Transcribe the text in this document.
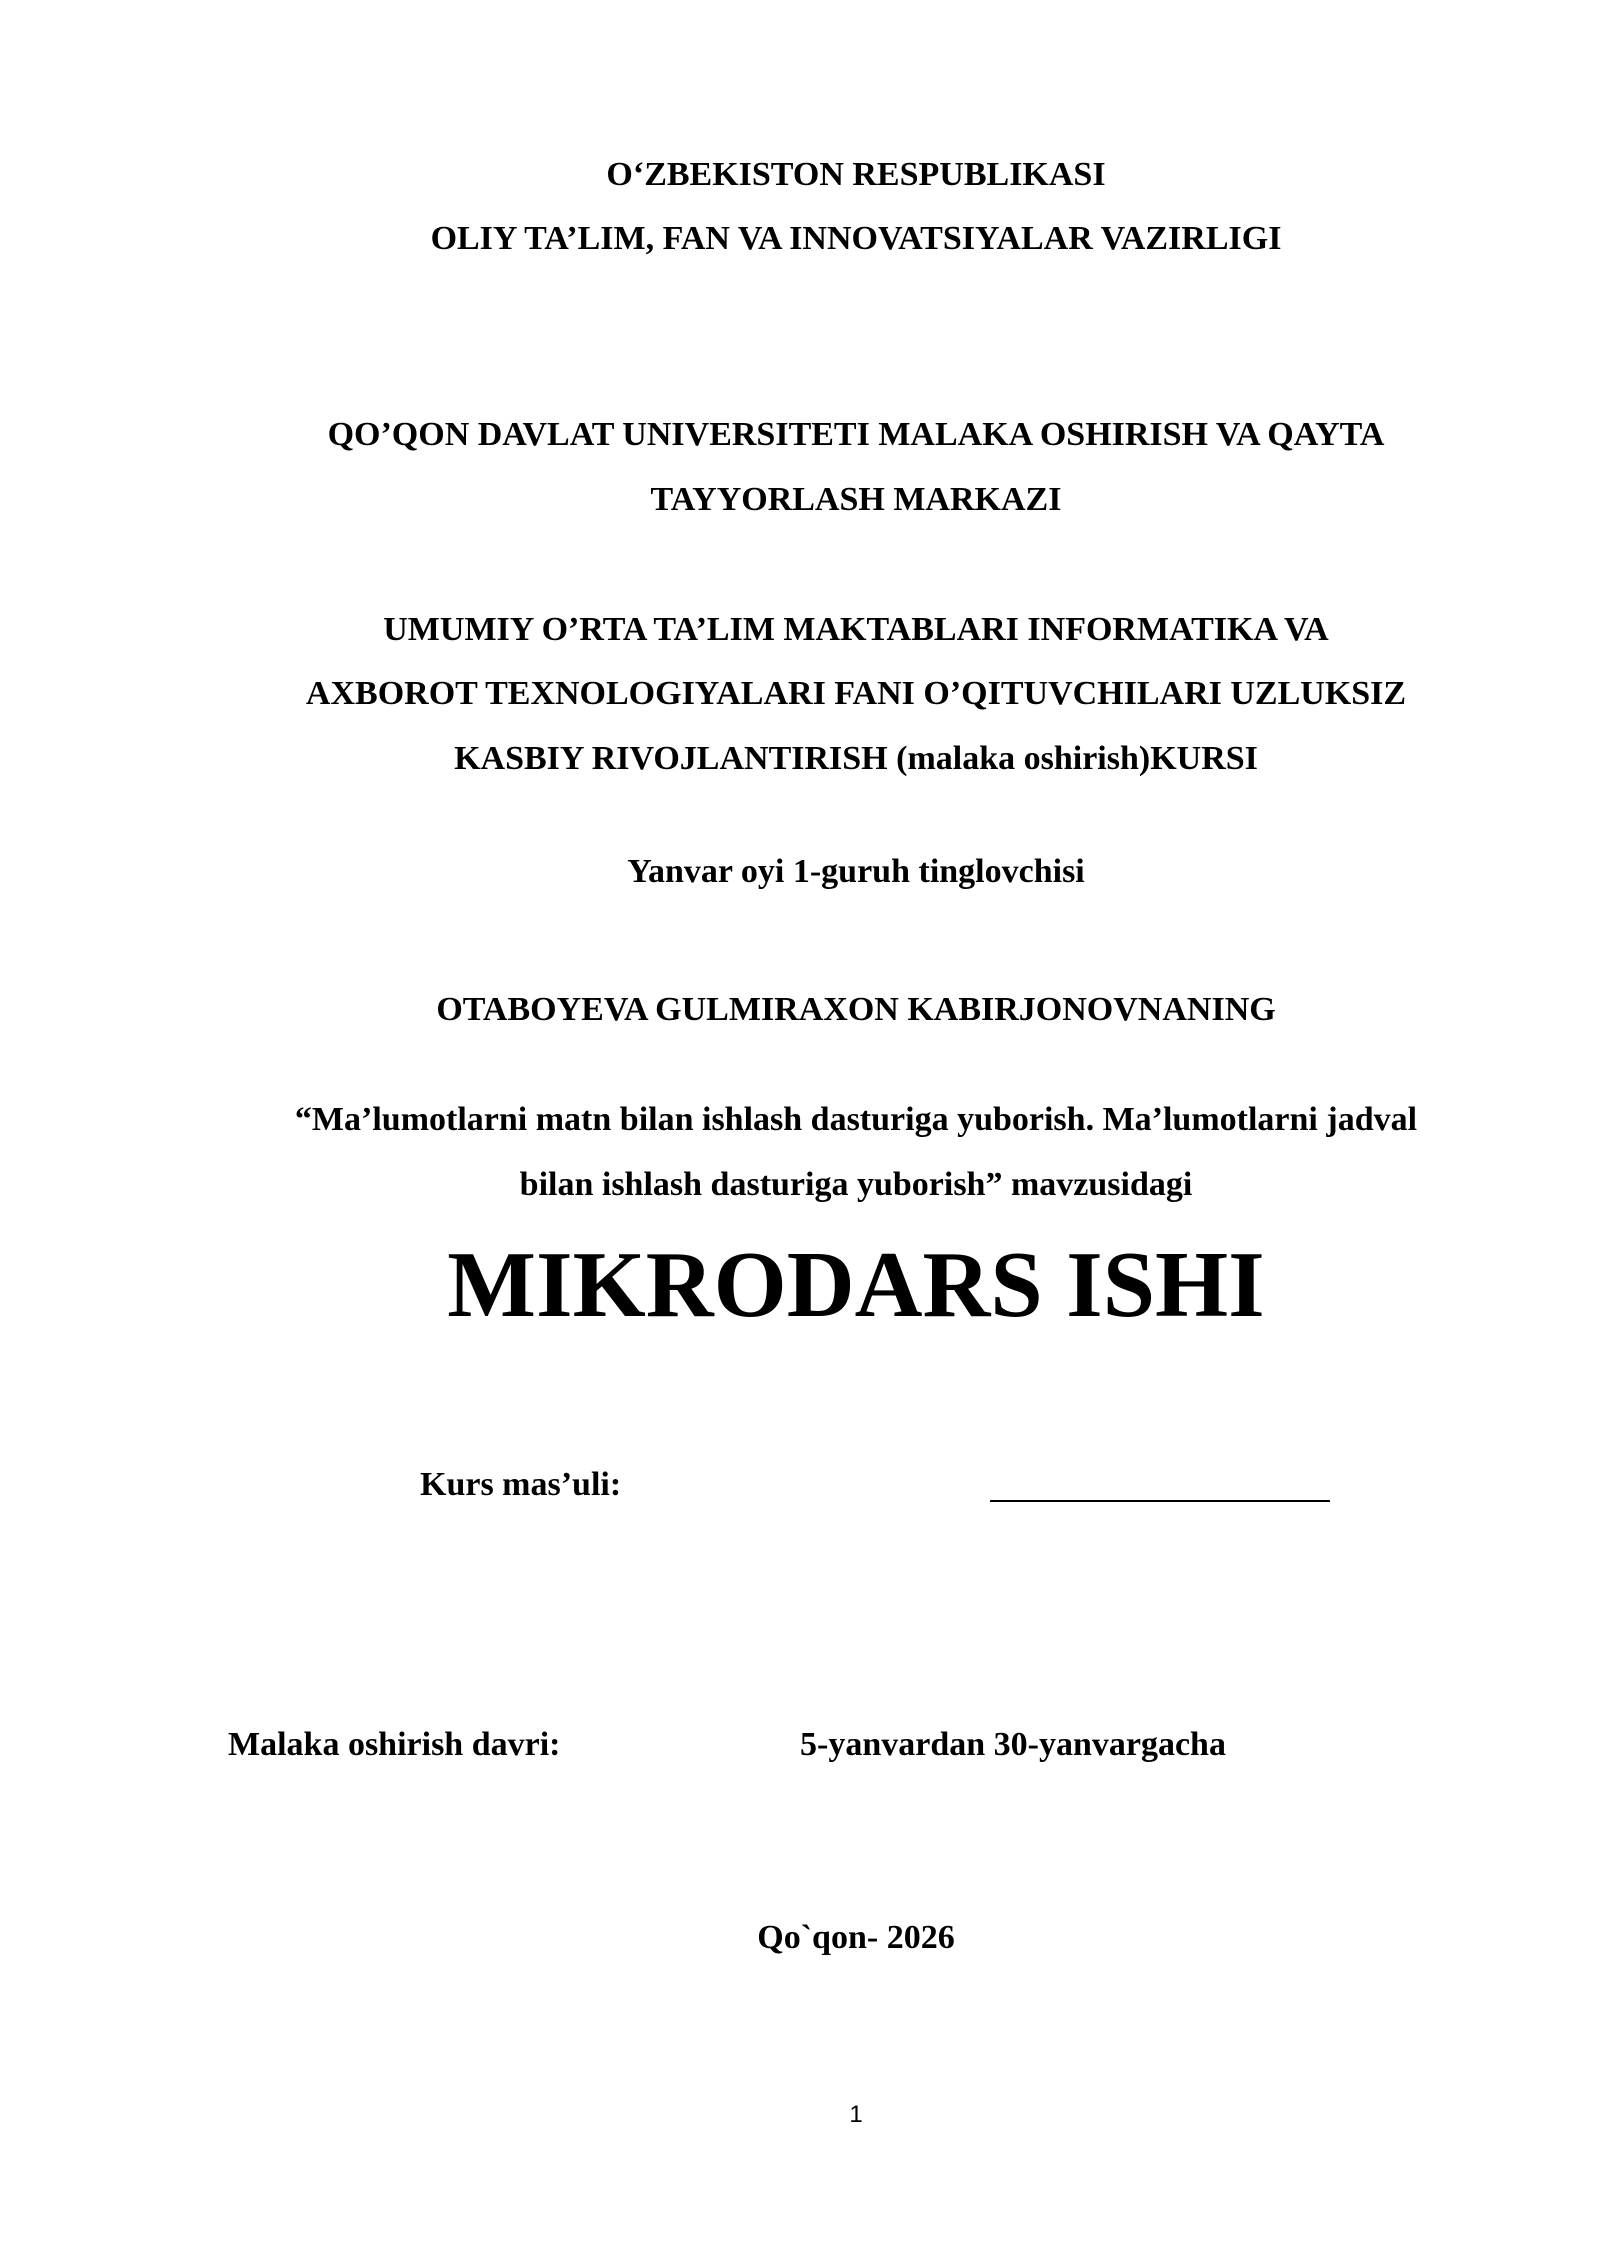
O‘ZBEKISTON RESPUBLIKASI
OLIY TA’LIM, FAN VA INNOVATSIYALAR VAZIRLIGI
QO’QON DAVLAT UNIVERSITETI MALAKA OSHIRISH VA QAYTA
TAYYORLASH MARKAZI
UMUMIY O’RTA TA’LIM MAKTABLARI INFORMATIKA VA
AXBOROT TEXNOLOGIYALARI FANI O’QITUVCHILARI UZLUKSIZ
KASBIY RIVOJLANTIRISH (malaka oshirish)KURSI
Yanvar oyi 1-guruh tinglovchisi
OTABOYEVA GULMIRAXON KABIRJONOVNANING
“Ma’lumotlarni matn bilan ishlash dasturiga yuborish. Ma’lumotlarni jadval
bilan ishlash dasturiga yuborish” mavzusidagi
MIKRODARS ISHI
Kurs mas’uli:
Malaka oshirish davri:	5-yanvardan 30-yanvargacha
Qo`qon- 2026
1
